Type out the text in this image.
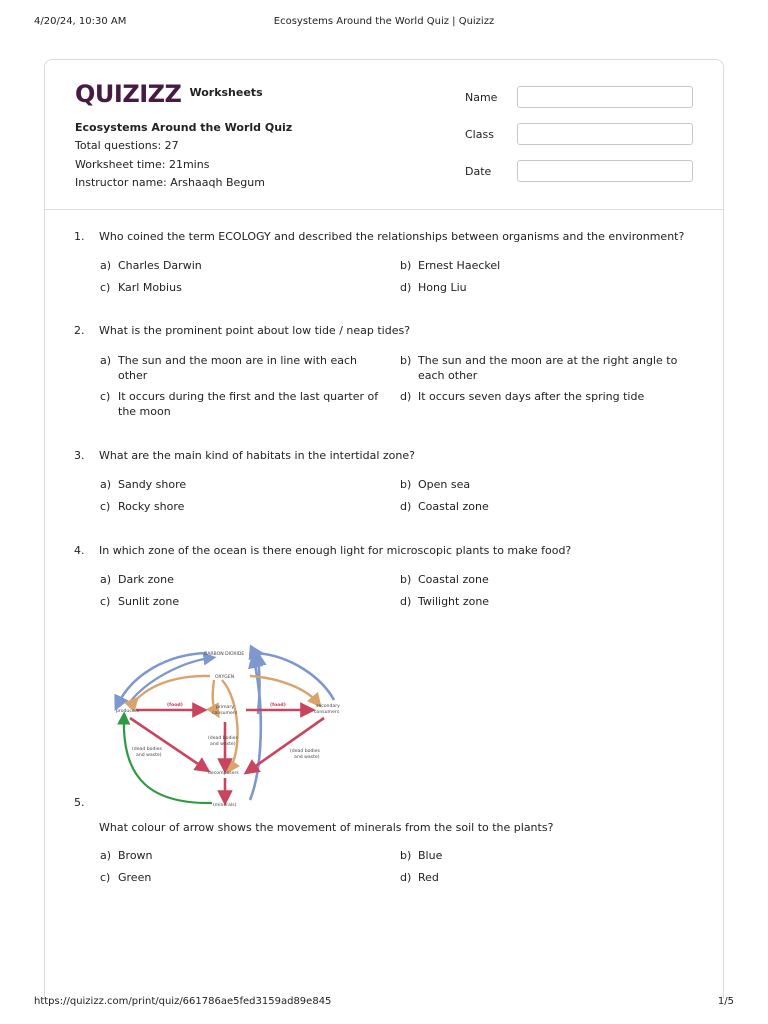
4/20/24, 10:30 AM	Ecosystems Around the World Quiz | Quizizz
QUIZIZZ Worksheets
Ecosystems Around the World Quiz
Total questions: 27
Worksheet time: 21mins
Instructor name: Arshaaqh Begum
Name
Class
Date
1.	Who coined the term ECOLOGY and described the relationships between organisms and the environment?
a) Charles Darwin	b) Ernest Haeckel
c) Karl Mobius	d) Hong Liu
2.	What is the prominent point about low tide / neap tides?
a) The sun and the moon are in line with each other
b) The sun and the moon are at the right angle to each other
c) It occurs during the first and the last quarter of the moon
d) It occurs seven days after the spring tide
3.	What are the main kind of habitats in the intertidal zone?
a) Sandy shore	b) Open sea
c) Rocky shore	d) Coastal zone
4.	In which zone of the ocean is there enough light for microscopic plants to make food?
a) Dark zone	b) Coastal zone
c) Sunlit zone	d) Twilight zone
CARBON DIOXIDE
OXYGEN
producers
primary
consumers
secondary
consumers
(food)	(food)
(dead bodies
and waste)
(dead bodies
and waste)
(dead bodies
and waste)
decomposers
(minerals)
5.
What colour of arrow shows the movement of minerals from the soil to the plants?
a) Brown	b) Blue
c) Green	d) Red
https://quizizz.com/print/quiz/661786ae5fed3159ad89e845	1/5
